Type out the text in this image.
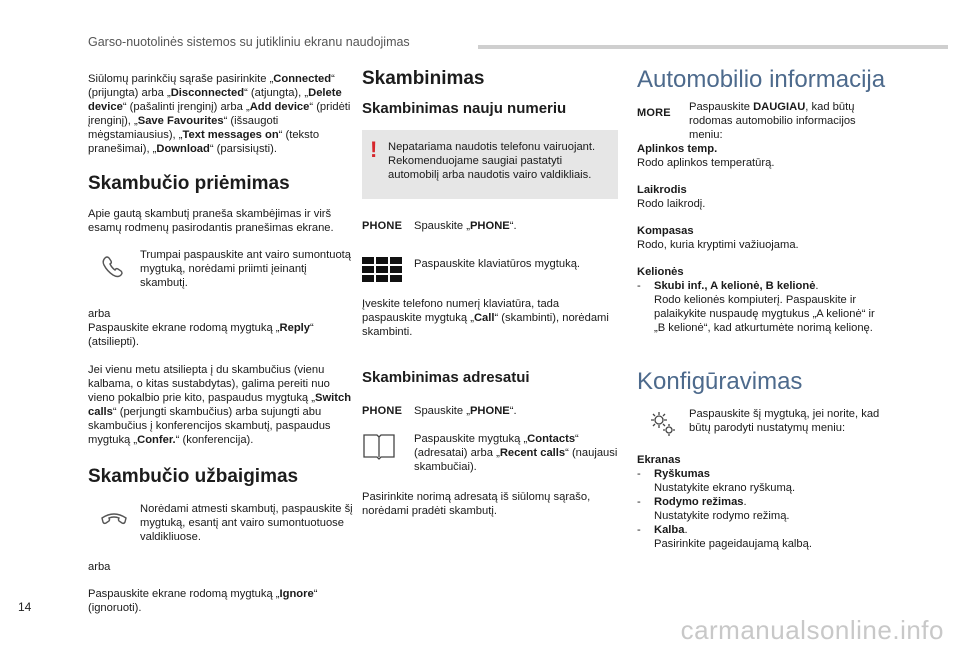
Garso-nuotolinės sistemos su jutikliniu ekranu naudojimas

Siūlomų parinkčių sąraše pasirinkite „Connected“ (prijungta) arba „Disconnected“ (atjungta), „Delete device“ (pašalinti įrenginį) arba „Add device“ (pridėti įrenginį), „Save Favourites“ (išsaugoti mėgstamiausius), „Text messages on“ (teksto pranešimai), „Download“ (parsisiųsti).

Skambučio priėmimas

Apie gautą skambutį praneša skambėjimas ir virš esamų rodmenų pasirodantis pranešimas ekrane.

Trumpai paspauskite ant vairo sumontuotą mygtuką, norėdami priimti įeinantį skambutį.

arba

Paspauskite ekrane rodomą mygtuką „Reply“ (atsiliepti).

Jei vienu metu atsiliepta į du skambučius (vienu kalbama, o kitas sustabdytas), galima pereiti nuo vieno pokalbio prie kito, paspaudus mygtuką „Switch calls“ (perjungti skambučius) arba sujungti abu skambučius į konferencijos skambutį, paspaudus mygtuką „Confer.“ (konferencija).

Skambučio užbaigimas

Norėdami atmesti skambutį, paspauskite šį mygtuką, esantį ant vairo sumontuotuose valdikliuose.

arba

Paspauskite ekrane rodomą mygtuką „Ignore“ (ignoruoti).

Skambinimas
Skambinimas nauju numeriu
! Nepatariama naudotis telefonu vairuojant. Rekomenduojame saugiai pastatyti automobilį arba naudotis vairo valdikliais.

PHONE Spauskite „PHONE“.

Paspauskite klaviatūros mygtuką.

Įveskite telefono numerį klaviatūra, tada paspauskite mygtuką „Call“ (skambinti), norėdami skambinti.

Skambinimas adresatui
PHONE Spauskite „PHONE“.

Paspauskite mygtuką „Contacts“ (adresatai) arba „Recent calls“ (naujausi skambučiai).

Pasirinkite norimą adresatą iš siūlomų sąrašo, norėdami pradėti skambutį.

Automobilio informacija
MORE Paspauskite DAUGIAU, kad būtų rodomas automobilio informacijos meniu:

Aplinkos temp.

Rodo aplinkos temperatūrą.

Laikrodis

Rodo laikrodį.

Kompasas

Rodo, kuria kryptimi važiuojama.

Kelionės

-	Skubi inf., A kelionė, B kelionė.
Rodo kelionės kompiuterį. Paspauskite ir palaikykite nuspaudę mygtukus „A kelionė“ ir „B kelionė“, kad atkurtumėte norimą kelionę.

Konfigūravimas

Paspauskite šį mygtuką, jei norite, kad būtų parodyti nustatymų meniu:

Ekranas

-	Ryškumas
Nustatykite ekrano ryškumą.

-	Rodymo režimas.
Nustatykite rodymo režimą.

-	Kalba.
Pasirinkite pageidaujamą kalbą.

14
carmanualsonline.info
